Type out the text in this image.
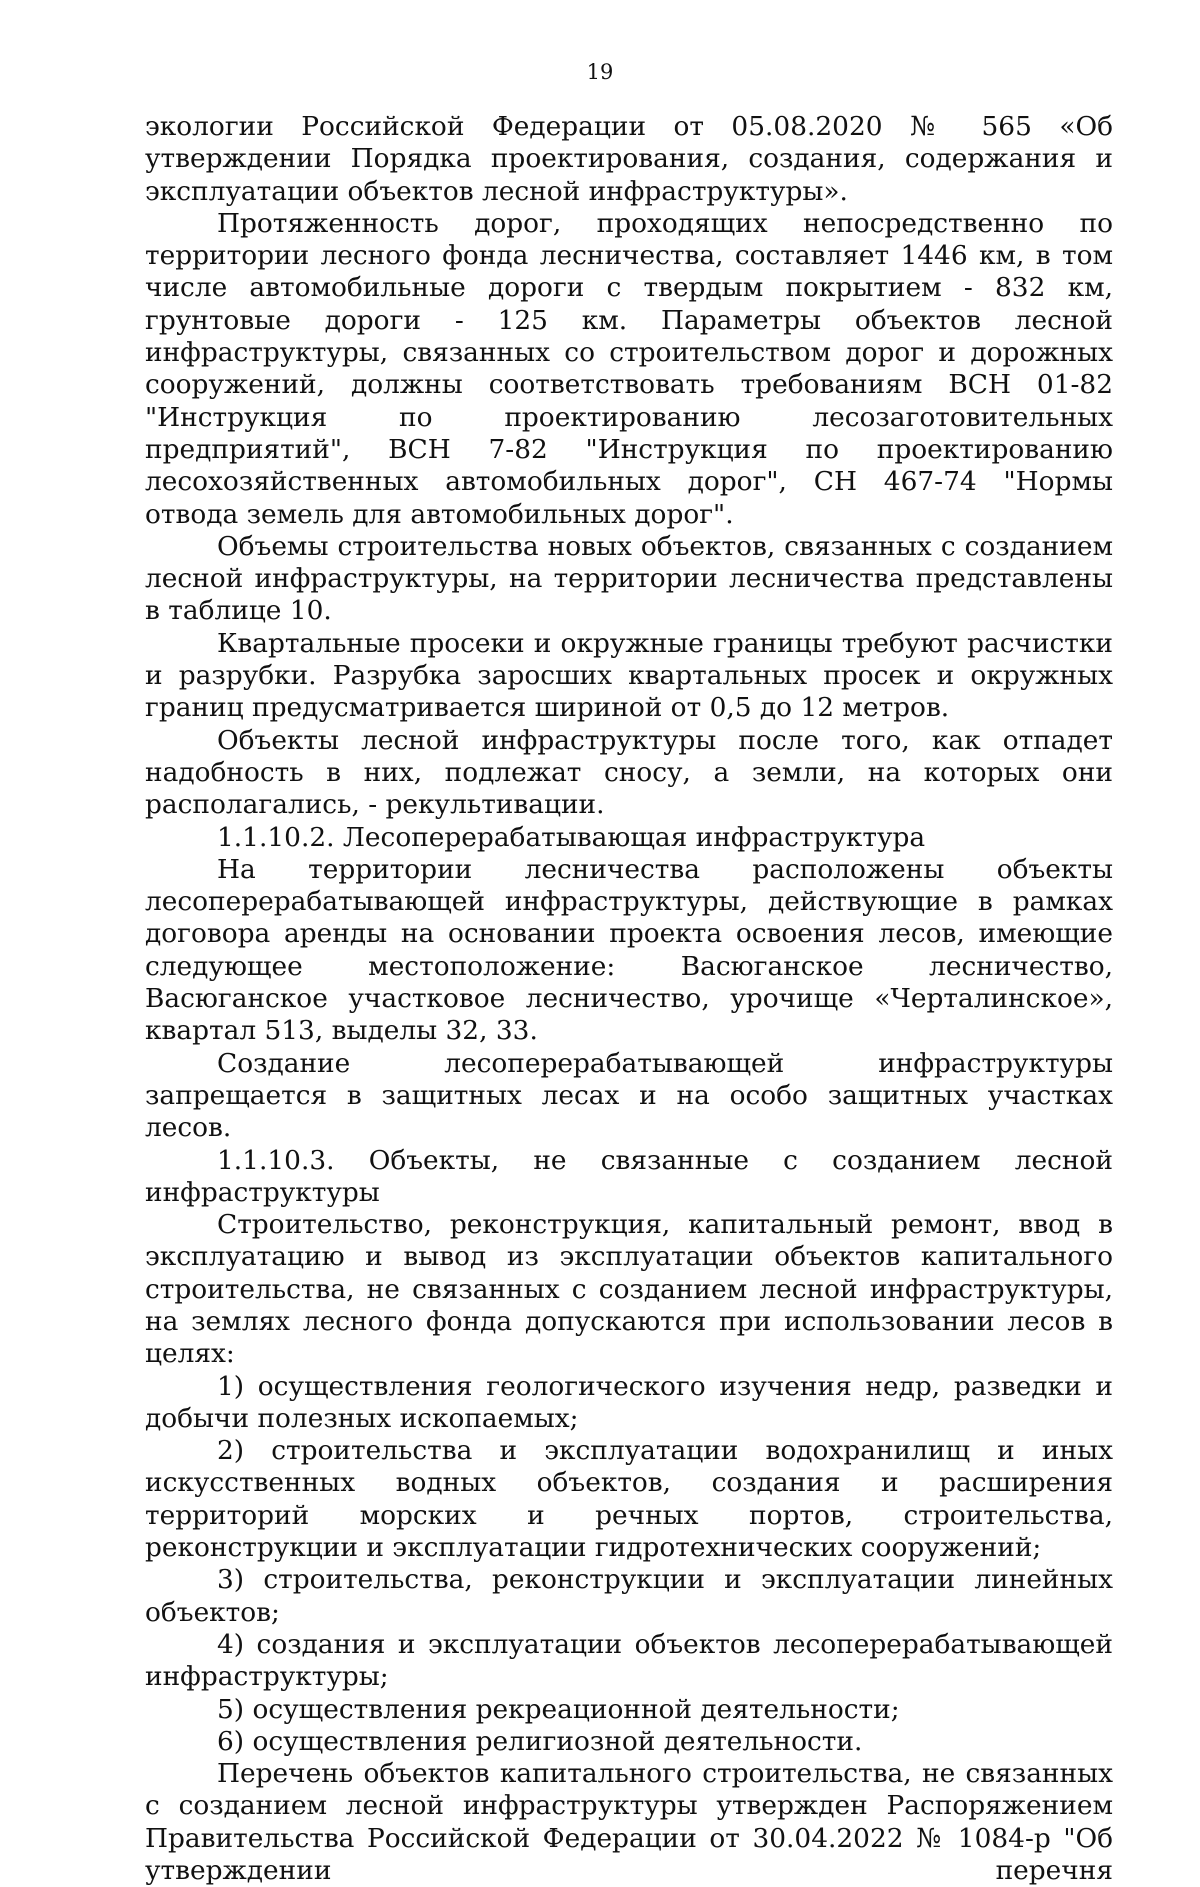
19

экологии Российской Федерации от 05.08.2020 № 565 «Об утверждении Порядка проектирования, создания, содержания и эксплуатации объектов лесной инфраструктуры».

Протяженность дорог, проходящих непосредственно по территории лесного фонда лесничества, составляет 1446 км, в том числе автомобильные дороги с твердым покрытием - 832 км, грунтовые дороги - 125 км. Параметры объектов лесной инфраструктуры, связанных со строительством дорог и дорожных сооружений, должны соответствовать требованиям ВСН 01-82 "Инструкция по проектированию лесозаготовительных предприятий", ВСН 7-82 "Инструкция по проектированию лесохозяйственных автомобильных дорог", СН 467-74 "Нормы отвода земель для автомобильных дорог".

Объемы строительства новых объектов, связанных с созданием лесной инфраструктуры, на территории лесничества представлены в таблице 10.

Квартальные просеки и окружные границы требуют расчистки и разрубки. Разрубка заросших квартальных просек и окружных границ предусматривается шириной от 0,5 до 12 метров.

Объекты лесной инфраструктуры после того, как отпадет надобность в них, подлежат сносу, а земли, на которых они располагались, - рекультивации.

1.1.10.2. Лесоперерабатывающая инфраструктура

На территории лесничества расположены объекты лесоперерабатывающей инфраструктуры, действующие в рамках договора аренды на основании проекта освоения лесов, имеющие следующее местоположение: Васюганское лесничество, Васюганское участковое лесничество, урочище «Черталинское», квартал 513, выделы 32, 33.

Создание лесоперерабатывающей инфраструктуры запрещается в защитных лесах и на особо защитных участках лесов.

1.1.10.3. Объекты, не связанные с созданием лесной инфраструктуры

Строительство, реконструкция, капитальный ремонт, ввод в эксплуатацию и вывод из эксплуатации объектов капитального строительства, не связанных с созданием лесной инфраструктуры, на землях лесного фонда допускаются при использовании лесов в целях:

1) осуществления геологического изучения недр, разведки и добычи полезных ископаемых;

2) строительства и эксплуатации водохранилищ и иных искусственных водных объектов, создания и расширения территорий морских и речных портов, строительства, реконструкции и эксплуатации гидротехнических сооружений;

3) строительства, реконструкции и эксплуатации линейных объектов;

4) создания и эксплуатации объектов лесоперерабатывающей инфраструктуры;

5) осуществления рекреационной деятельности;

6) осуществления религиозной деятельности.

Перечень объектов капитального строительства, не связанных с созданием лесной инфраструктуры утвержден Распоряжением Правительства Российской Федерации от 30.04.2022 № 1084-р "Об утверждении перечня
